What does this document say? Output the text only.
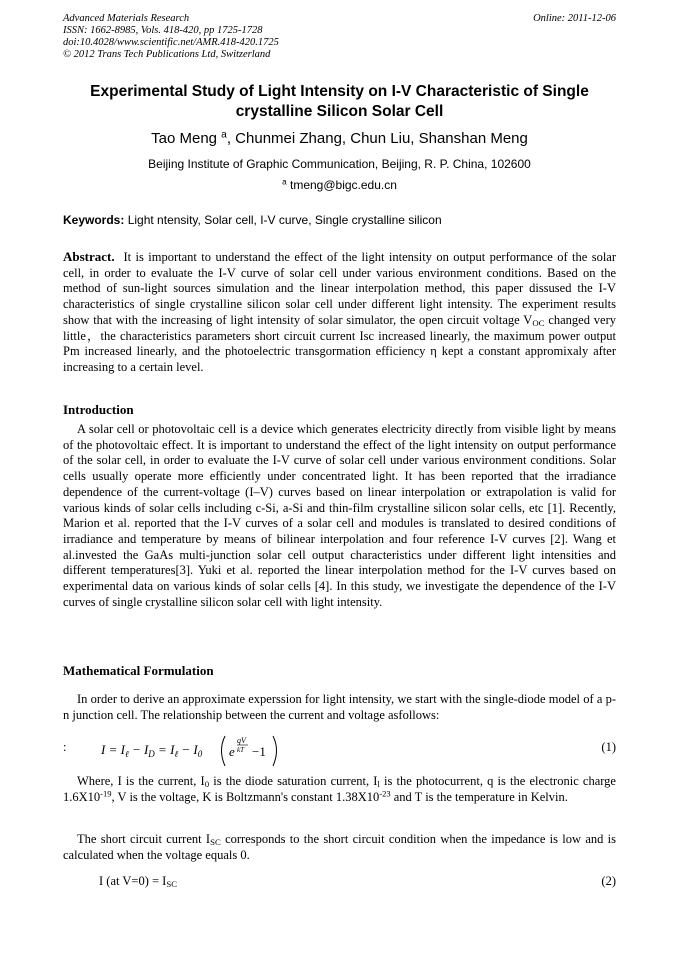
Advanced Materials Research
ISSN: 1662-8985, Vols. 418-420, pp 1725-1728
doi:10.4028/www.scientific.net/AMR.418-420.1725
© 2012 Trans Tech Publications Ltd, Switzerland
Online: 2011-12-06
Experimental Study of Light Intensity on I-V Characteristic of Single crystalline Silicon Solar Cell
Tao Meng $^a$, Chunmei Zhang, Chun Liu, Shanshan Meng
Beijing Institute of Graphic Communication, Beijing, R. P. China, 102600
$^a$ tmeng@bigc.edu.cn
Keywords: Light ntensity, Solar cell, I-V curve, Single crystalline silicon
Abstract. It is important to understand the effect of the light intensity on output performance of the solar cell, in order to evaluate the I-V curve of solar cell under various environment conditions. Based on the method of sun-light sources simulation and the linear interpolation method, this paper dissused the I-V characteristics of single crystalline silicon solar cell under different light intensity. The experiment results show that with the increasing of light intensity of solar simulator, the open circuit voltage $V_{OC}$ changed very little，the characteristics parameters short circuit current Isc increased linearly, the maximum power output Pm increased linearly, and the photoelectric transgormation efficiency η kept a constant appromixaly after increasing to a certain level.
Introduction
A solar cell or photovoltaic cell is a device which generates electricity directly from visible light by means of the photovoltaic effect. It is important to understand the effect of the light intensity on output performance of the solar cell, in order to evaluate the I-V curve of solar cell under various environment conditions. Solar cells usually operate more efficiently under concentrated light. It has been reported that the irradiance dependence of the current-voltage (I–V) curves based on linear interpolation or extrapolation is valid for various kinds of solar cells including c-Si, a-Si and thin-film crystalline silicon solar cells, etc [1]. Recently, Marion et al. reported that the I-V curves of a solar cell and modules is translated to desired conditions of irradiance and temperature by means of bilinear interpolation and four reference I-V curves [2]. Wang et al.invested the GaAs multi-junction solar cell output characteristics under different light intensities and different temperatures[3]. Yuki et al. reported the linear interpolation method for the I-V curves based on experimental data on various kinds of solar cells [4]. In this study, we investigate the dependence of the I-V curves of single crystalline silicon solar cell with light intensity.
Mathematical Formulation
In order to derive an approximate experssion for light intensity, we start with the single-diode model of a p-n junction cell. The relationship between the current and voltage asfollows:
:	$I = I_\ell - I_D = I_\ell - I_0$ e
qV
kT −1	(1)
Where, I is the current, $I_0$ is the diode saturation current, $I_l$ is the photocurrent, q is the electronic charge $1.6X10^{-19}$, V is the voltage, K is Boltzmann's constant $1.38X10^{-23}$ and T is the temperature in Kelvin.
The short circuit current $I_{SC}$ corresponds to the short circuit condition when the impedance is low and is calculated when the voltage equals 0.
I (at $V=0) = I_{SC}$	(2)
